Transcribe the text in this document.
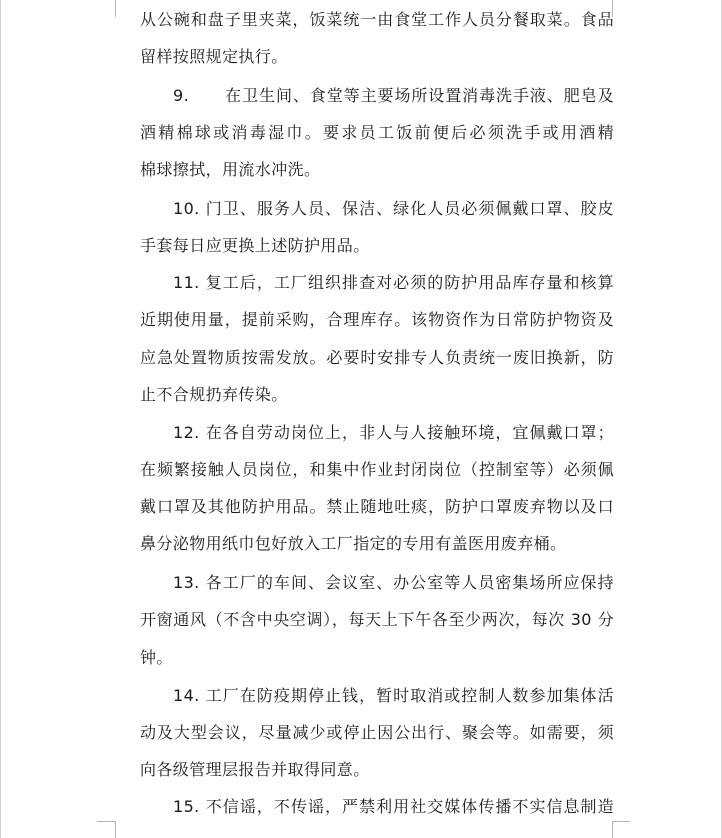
从公碗和盘子里夹菜，饭菜统一由食堂工作人员分餐取菜。食品
留样按照规定执行。
9.      在卫生间、食堂等主要场所设置消毒洗手液、肥皂及
酒精棉球或消毒湿巾。要求员工饭前便后必须洗手或用酒精
棉球擦拭，用流水冲洗。
10. 门卫、服务人员、保洁、绿化人员必须佩戴口罩、胶皮
手套每日应更换上述防护用品。
11. 复工后，工厂组织排查对必须的防护用品库存量和核算
近期使用量，提前采购，合理库存。该物资作为日常防护物资及
应急处置物质按需发放。必要时安排专人负责统一废旧换新，防
止不合规扔弃传染。
12. 在各自劳动岗位上，非人与人接触环境，宜佩戴口罩；
在频繁接触人员岗位，和集中作业封闭岗位（控制室等）必须佩
戴口罩及其他防护用品。禁止随地吐痰，防护口罩废弃物以及口
鼻分泌物用纸巾包好放入工厂指定的专用有盖医用废弃桶。
13. 各工厂的车间、会议室、办公室等人员密集场所应保持
开窗通风（不含中央空调），每天上下午各至少两次，每次 30 分
钟。
14. 工厂在防疫期停止钱，暂时取消或控制人数参加集体活
动及大型会议，尽量减少或停止因公出行、聚会等。如需要，须
向各级管理层报告并取得同意。
15. 不信谣，不传谣，严禁利用社交媒体传播不实信息制造
